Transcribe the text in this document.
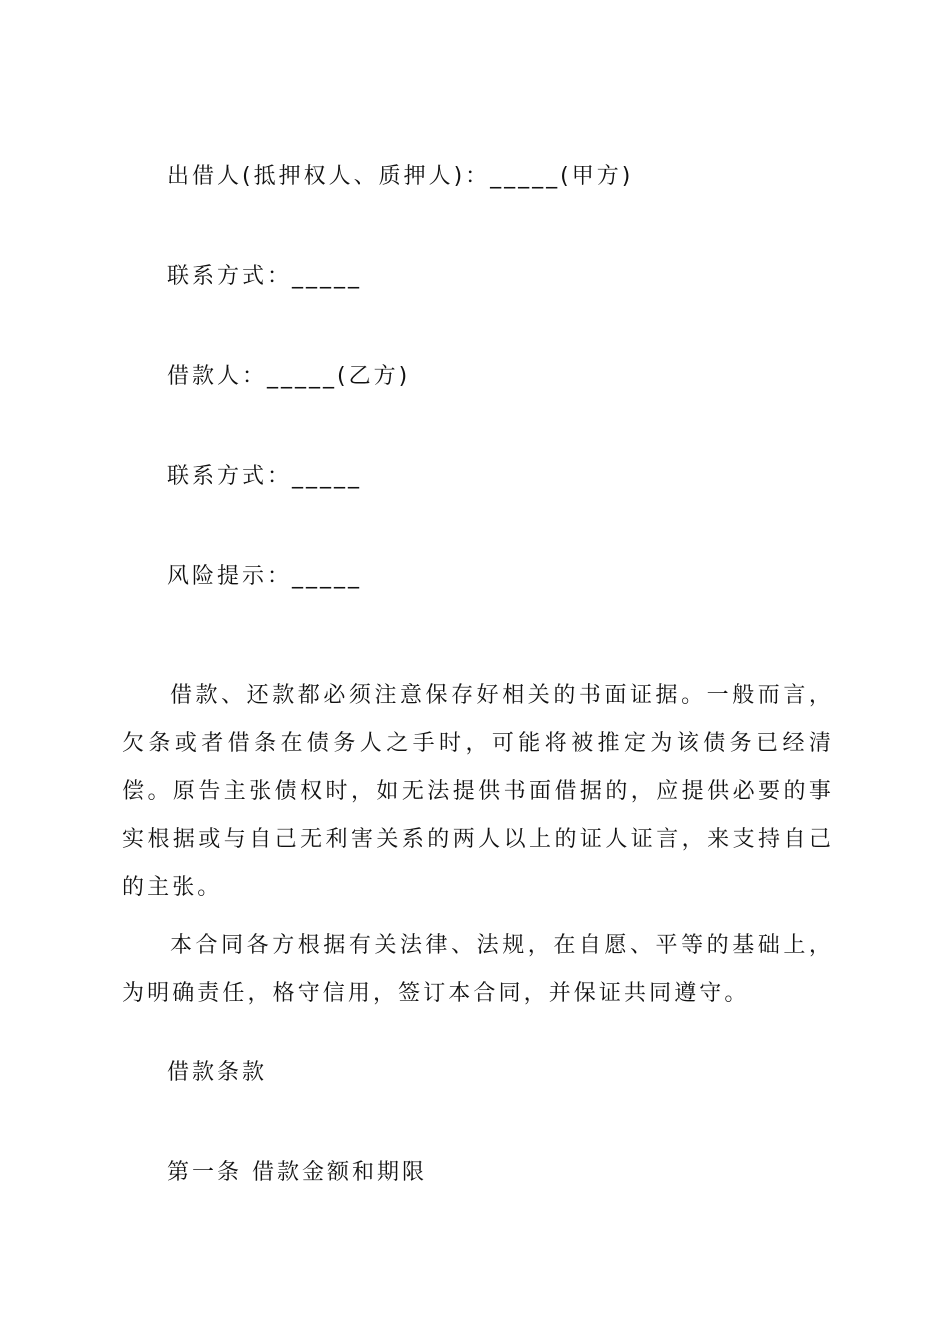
出借人(抵押权人、质押人)：_____(甲方)
联系方式：_____
借款人：_____(乙方)
联系方式：_____
风险提示：_____

借款、还款都必须注意保存好相关的书面证据。一般而言，欠条或者借条在债务人之手时，可能将被推定为该债务已经清偿。原告主张债权时，如无法提供书面借据的，应提供必要的事实根据或与自己无利害关系的两人以上的证人证言，来支持自己的主张。

本合同各方根据有关法律、法规，在自愿、平等的基础上，为明确责任，格守信用，签订本合同，并保证共同遵守。

借款条款
第一条 借款金额和期限
